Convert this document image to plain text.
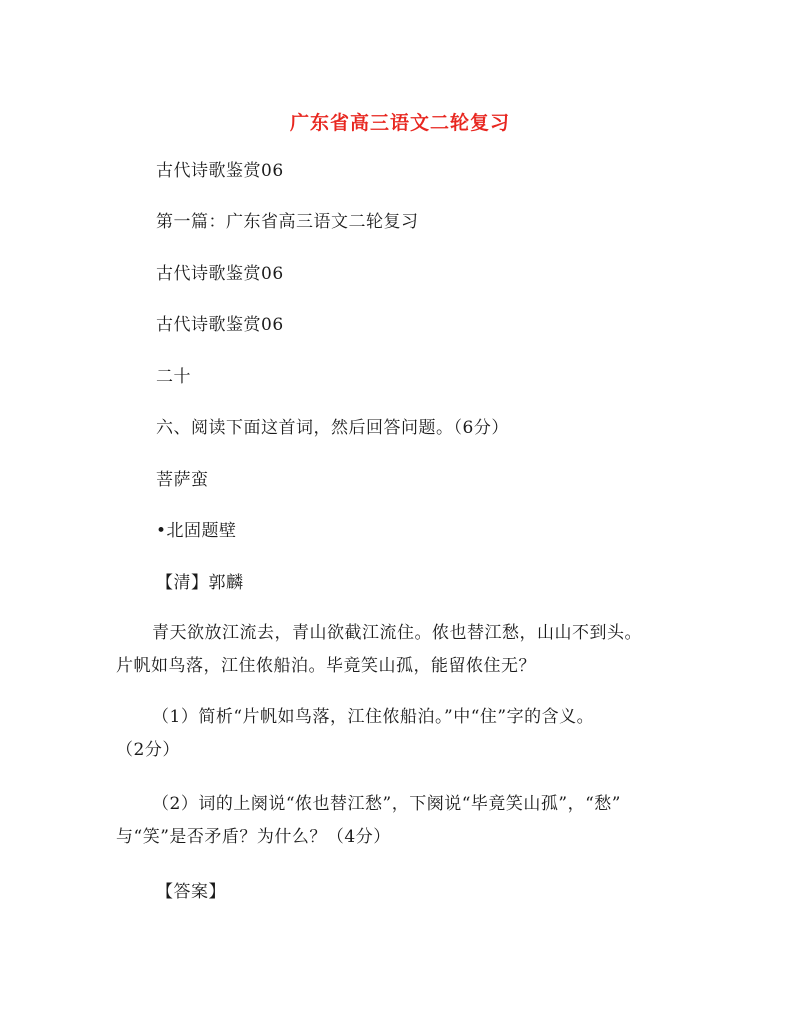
广东省高三语文二轮复习
古代诗歌鉴赏06
第一篇：广东省高三语文二轮复习
古代诗歌鉴赏06
古代诗歌鉴赏06
二十
六、阅读下面这首词，然后回答问题。（6分）
菩萨蛮
•北固题壁
【清】郭麟
青天欲放江流去，青山欲截江流住。侬也替江愁，山山不到头。
片帆如鸟落，江住侬船泊。毕竟笑山孤，能留侬住无？
（1）简析“片帆如鸟落，江住侬船泊。”中“住”字的含义。
（2分）
（2）词的上阕说“侬也替江愁”，下阕说“毕竟笑山孤”，“愁”
与“笑”是否矛盾？为什么？（4分）
【答案】
